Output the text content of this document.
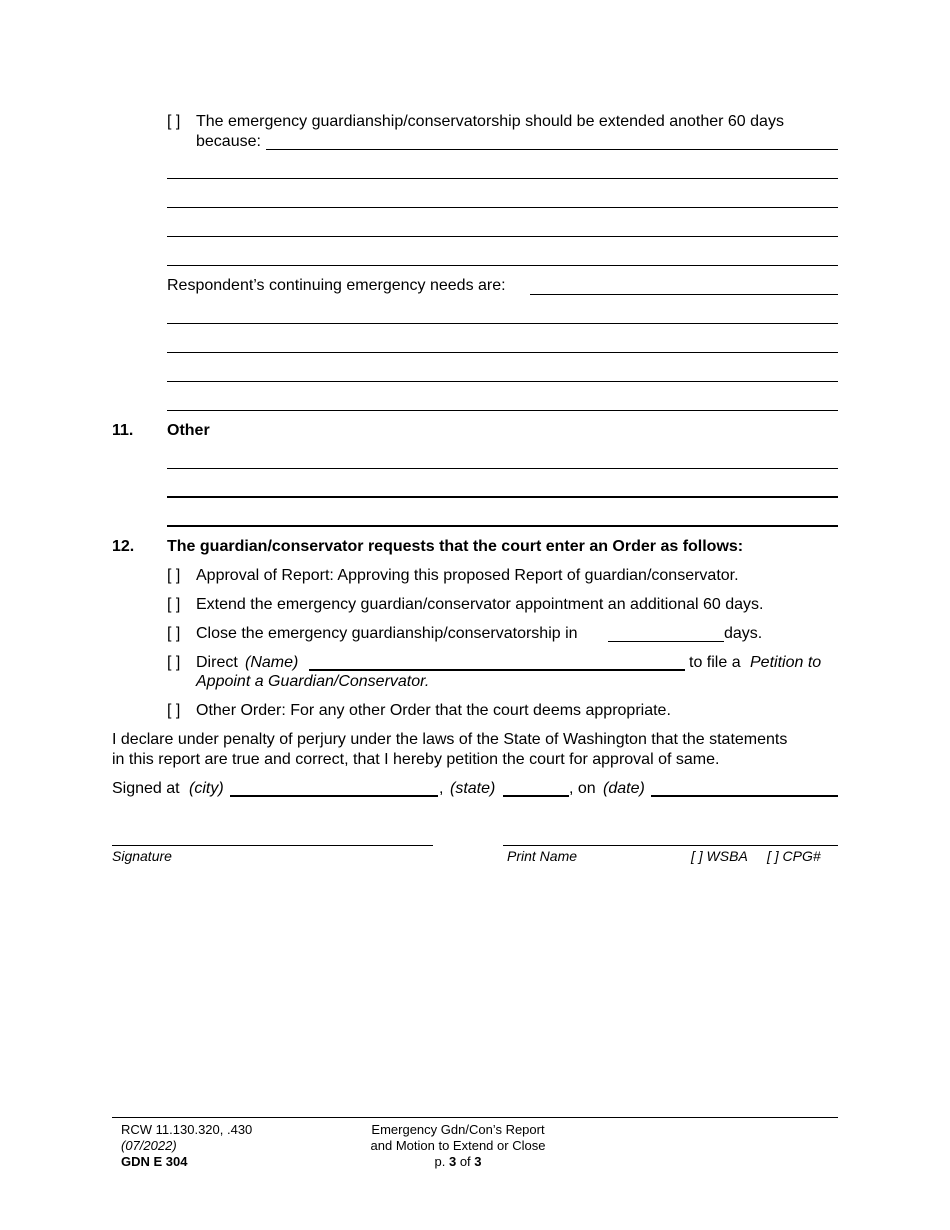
[ ] The emergency guardianship/conservatorship should be extended another 60 days
because:
Respondent’s continuing emergency needs are:
11. Other
12. The guardian/conservator requests that the court enter an Order as follows:
[ ] Approval of Report: Approving this proposed Report of guardian/conservator.
[ ] Extend the emergency guardian/conservator appointment an additional 60 days.
[ ] Close the emergency guardianship/conservatorship in	days.
[ ] Direct (Name)	to file a Petition to
Appoint a Guardian/Conservator.
[ ] Other Order: For any other Order that the court deems appropriate.
I declare under penalty of perjury under the laws of the State of Washington that the statements
in this report are true and correct, that I hereby petition the court for approval of same.
Signed at (city)	, (state)	, on (date)
Signature	Print Name	[ ] WSBA [ ] CPG#
RCW 11.130.320, .430
(07/2022)
GDN E 304
Emergency Gdn/Con’s Report
and Motion to Extend or Close
p. 3 of 3
